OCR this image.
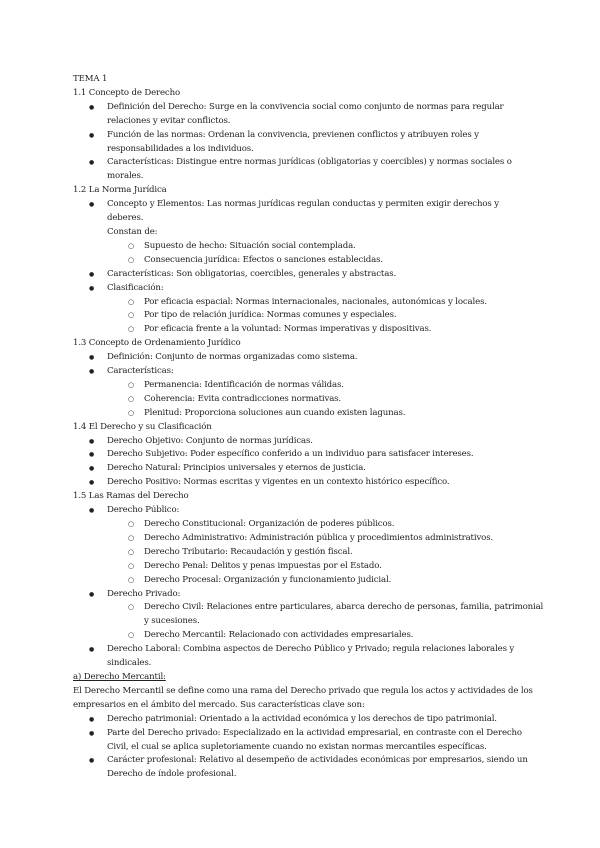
TEMA 1
1.1 Concepto de Derecho
● Definición del Derecho: Surge en la convivencia social como conjunto de normas para regular
relaciones y evitar conflictos.
● Función de las normas: Ordenan la convivencia, previenen conflictos y atribuyen roles y
responsabilidades a los individuos.
● Características: Distingue entre normas jurídicas (obligatorias y coercibles) y normas sociales o
morales.
1.2 La Norma Jurídica
● Concepto y Elementos: Las normas jurídicas regulan conductas y permiten exigir derechos y deberes.
Constan de:
○ Supuesto de hecho: Situación social contemplada.
○ Consecuencia jurídica: Efectos o sanciones establecidas.
● Características: Son obligatorias, coercibles, generales y abstractas.
● Clasificación:
○ Por eficacia espacial: Normas internacionales, nacionales, autonómicas y locales.
○ Por tipo de relación jurídica: Normas comunes y especiales.
○ Por eficacia frente a la voluntad: Normas imperativas y dispositivas.
1.3 Concepto de Ordenamiento Jurídico
● Definición: Conjunto de normas organizadas como sistema.
● Características:
○ Permanencia: Identificación de normas válidas.
○ Coherencia: Evita contradicciones normativas.
○ Plenitud: Proporciona soluciones aun cuando existen lagunas.
1.4 El Derecho y su Clasificación
● Derecho Objetivo: Conjunto de normas jurídicas.
● Derecho Subjetivo: Poder específico conferido a un individuo para satisfacer intereses.
● Derecho Natural: Principios universales y eternos de justicia.
● Derecho Positivo: Normas escritas y vigentes en un contexto histórico específico.
1.5 Las Ramas del Derecho
● Derecho Público:
○ Derecho Constitucional: Organización de poderes públicos.
○ Derecho Administrativo: Administración pública y procedimientos administrativos.
○ Derecho Tributario: Recaudación y gestión fiscal.
○ Derecho Penal: Delitos y penas impuestas por el Estado.
○ Derecho Procesal: Organización y funcionamiento judicial.
● Derecho Privado:
○ Derecho Civil: Relaciones entre particulares, abarca derecho de personas, familia, patrimonial
y sucesiones.
○ Derecho Mercantil: Relacionado con actividades empresariales.
● Derecho Laboral: Combina aspectos de Derecho Público y Privado; regula relaciones laborales y
sindicales.
a) Derecho Mercantil:
El Derecho Mercantil se define como una rama del Derecho privado que regula los actos y actividades de los
empresarios en el ámbito del mercado. Sus características clave son:
● Derecho patrimonial: Orientado a la actividad económica y los derechos de tipo patrimonial.
● Parte del Derecho privado: Especializado en la actividad empresarial, en contraste con el Derecho
Civil, el cual se aplica supletoriamente cuando no existan normas mercantiles específicas.
● Carácter profesional: Relativo al desempeño de actividades económicas por empresarios, siendo un
Derecho de índole profesional.
